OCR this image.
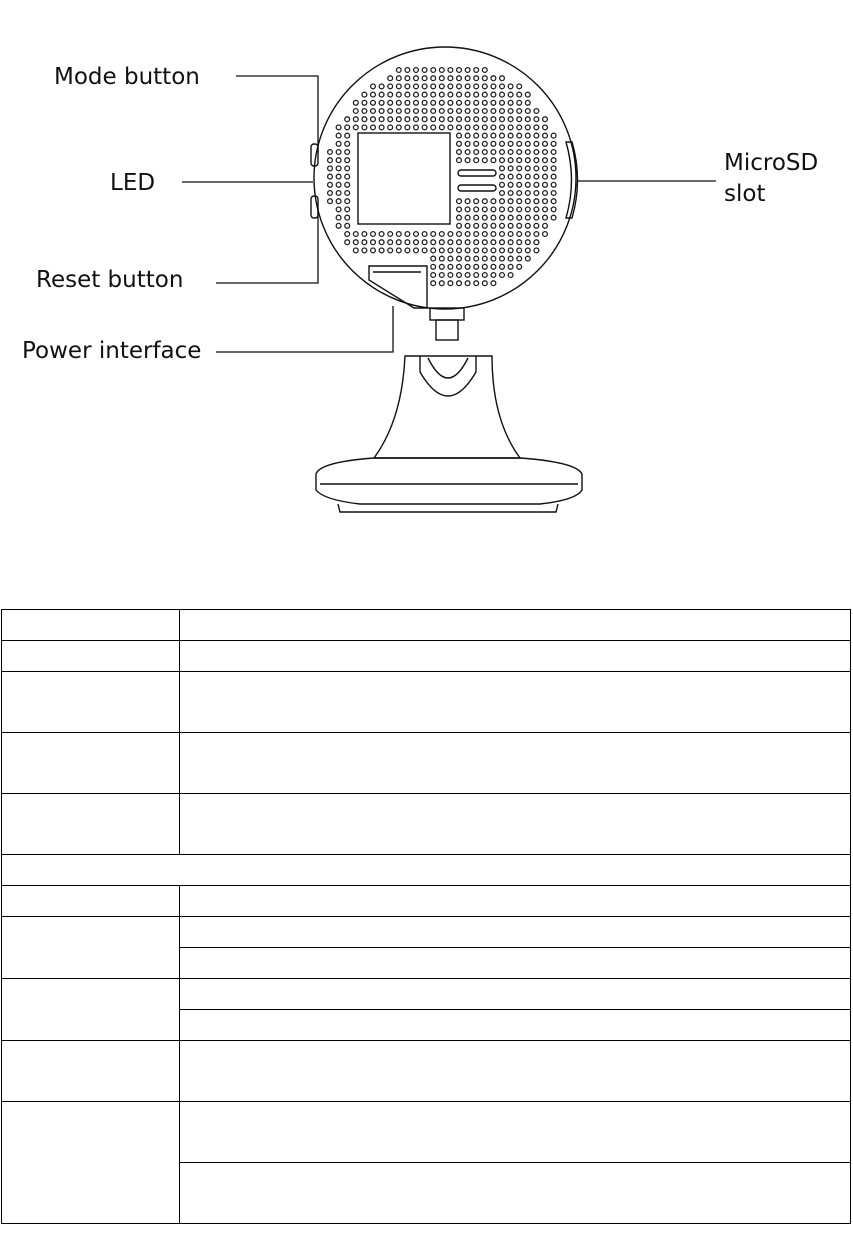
Mode button
LED
Reset button
Power interface
MicroSD
slot
